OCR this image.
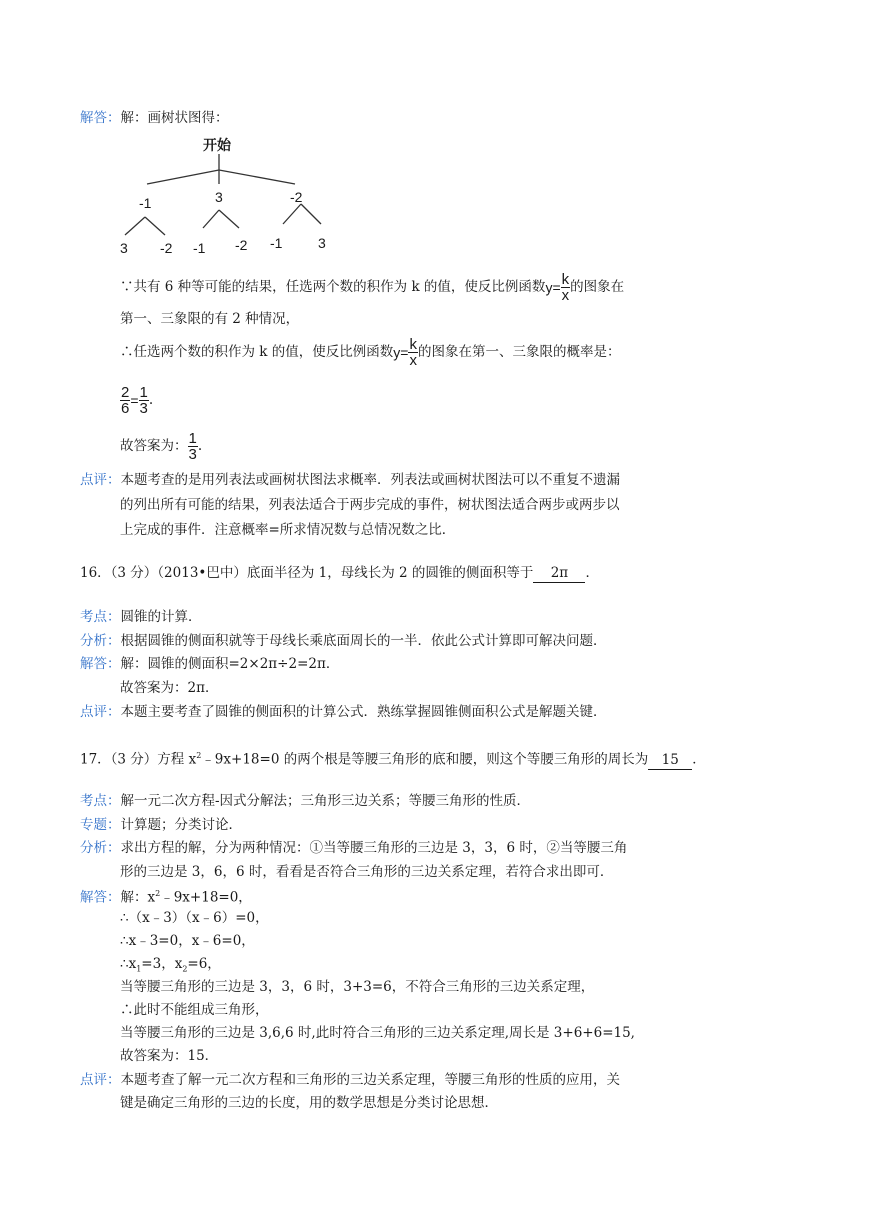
解答：解：画树状图得：
开始
-1	3	-2
3 -2 -1 -2 -1	3
∵共有 6 种等可能的结果，任选两个数的积作为 k 的值，使反比例函数$y= \frac{k}{x}$ 的图象在
第一、三象限的有 2 种情况，
∴任选两个数的积作为 k 的值，使反比例函数$y= \frac{k}{x}$ 的图象在第一、三象限的概率是：
$\frac{2}{6} = \frac{1}{3}$ .
故答案为： $\frac{1}{3}$ .
点评：本题考查的是用列表法或画树状图法求概率．列表法或画树状图法可以不重复不遗漏
的列出所有可能的结果，列表法适合于两步完成的事件，树状图法适合两步或两步以
上完成的事件．注意概率=所求情况数与总情况数之比．
16．（3 分）（2013•巴中）底面半径为 1，母线长为 2 的圆锥的侧面积等于 2π ．
考点：圆锥的计算．
分析：根据圆锥的侧面积就等于母线长乘底面周长的一半．依此公式计算即可解决问题．
解答：解：圆锥的侧面积=2×2π÷2=2π．
故答案为：2π．
点评：本题主要考查了圆锥的侧面积的计算公式．熟练掌握圆锥侧面积公式是解题关键．
17．（3 分）方程 $x^2﹣9x+18=0$ 的两个根是等腰三角形的底和腰，则这个等腰三角形的周长为 15 ．
考点：解一元二次方程-因式分解法；三角形三边关系；等腰三角形的性质．
专题：计算题；分类讨论．
分析：求出方程的解，分为两种情况：①当等腰三角形的三边是 3，3，6 时，②当等腰三角
形的三边是 3，6，6 时，看看是否符合三角形的三边关系定理，若符合求出即可．
解答：解：$x^2﹣9x+18=0$，
∴（x﹣3）（x﹣6）=0，
∴x﹣3=0，x﹣6=0，
$\therefore x_1=3$，$x_2=6$，
当等腰三角形的三边是 3，3，6 时，3+3=6，不符合三角形的三边关系定理，
∴此时不能组成三角形，
当等腰三角形的三边是 3,6,6 时,此时符合三角形的三边关系定理,周长是 3+6+6=15,
故答案为：15．
点评：本题考查了解一元二次方程和三角形的三边关系定理，等腰三角形的性质的应用，关
键是确定三角形的三边的长度，用的数学思想是分类讨论思想．
